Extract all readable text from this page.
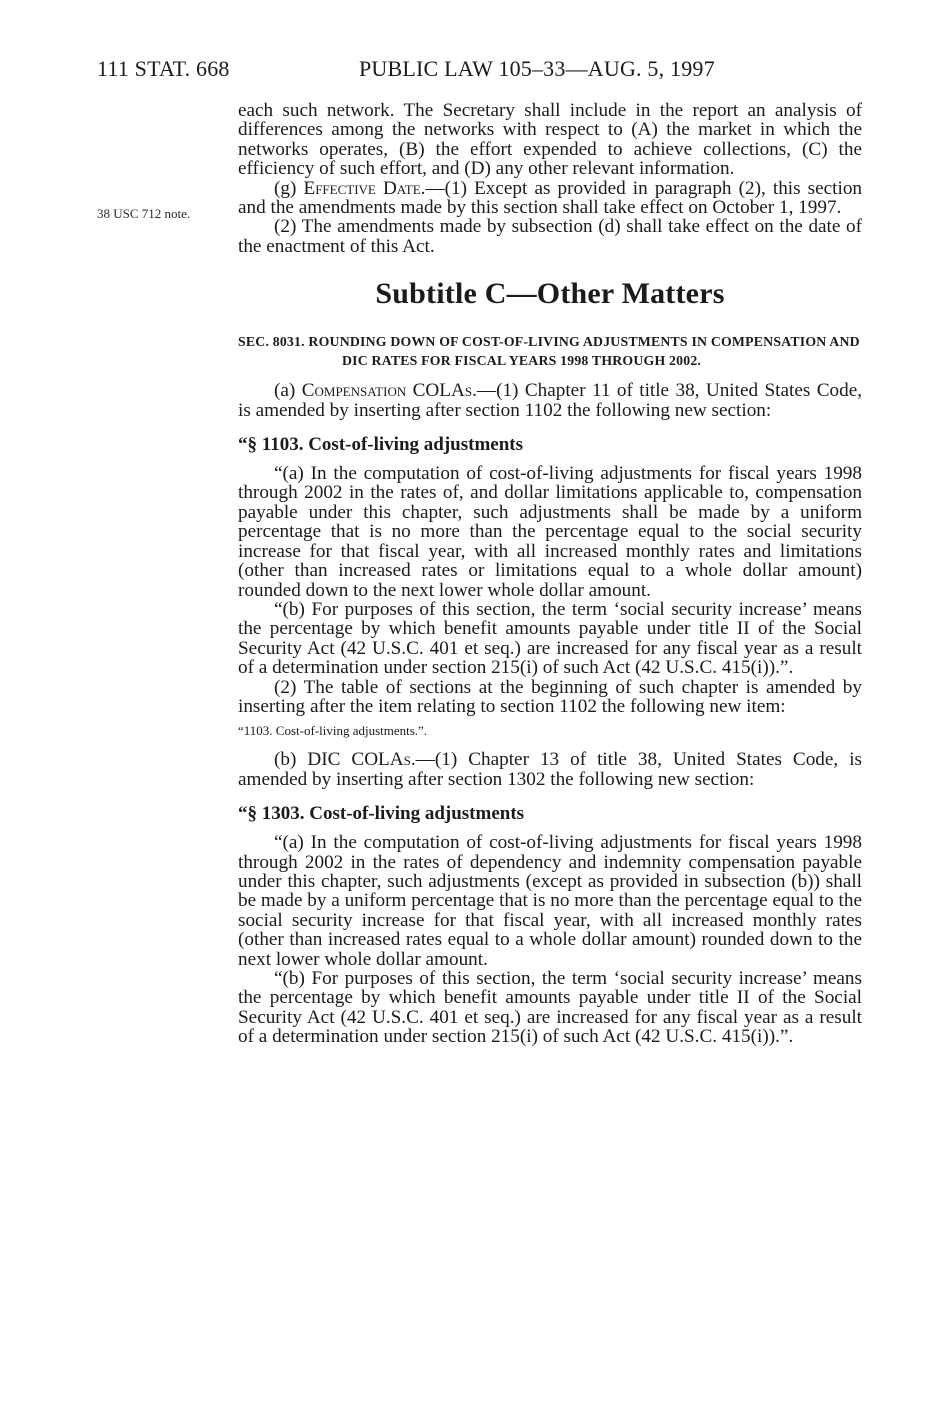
111 STAT. 668	PUBLIC LAW 105–33—AUG. 5, 1997
38 USC 712 note.

each such network. The Secretary shall include in the report an analysis of differences among the networks with respect to (A) the market in which the networks operates, (B) the effort expended to achieve collections, (C) the efficiency of such effort, and (D) any other relevant information.

(g) Effective Date.—(1) Except as provided in paragraph (2), this section and the amendments made by this section shall take effect on October 1, 1997.

(2) The amendments made by subsection (d) shall take effect on the date of the enactment of this Act.

Subtitle C—Other Matters
SEC. 8031. ROUNDING DOWN OF COST-OF-LIVING ADJUSTMENTS IN COMPENSATION AND DIC RATES FOR FISCAL YEARS 1998 THROUGH 2002.

(a) Compensation COLAs.—(1) Chapter 11 of title 38, United States Code, is amended by inserting after section 1102 the following new section:

“§ 1103. Cost-of-living adjustments

“(a) In the computation of cost-of-living adjustments for fiscal years 1998 through 2002 in the rates of, and dollar limitations applicable to, compensation payable under this chapter, such adjustments shall be made by a uniform percentage that is no more than the percentage equal to the social security increase for that fiscal year, with all increased monthly rates and limitations (other than increased rates or limitations equal to a whole dollar amount) rounded down to the next lower whole dollar amount.

“(b) For purposes of this section, the term ‘social security increase’ means the percentage by which benefit amounts payable under title II of the Social Security Act (42 U.S.C. 401 et seq.) are increased for any fiscal year as a result of a determination under section 215(i) of such Act (42 U.S.C. 415(i)).”.

(2) The table of sections at the beginning of such chapter is amended by inserting after the item relating to section 1102 the following new item:

“1103. Cost-of-living adjustments.”.

(b) DIC COLAs.—(1) Chapter 13 of title 38, United States Code, is amended by inserting after section 1302 the following new section:

“§ 1303. Cost-of-living adjustments

“(a) In the computation of cost-of-living adjustments for fiscal years 1998 through 2002 in the rates of dependency and indemnity compensation payable under this chapter, such adjustments (except as provided in subsection (b)) shall be made by a uniform percentage that is no more than the percentage equal to the social security increase for that fiscal year, with all increased monthly rates (other than increased rates equal to a whole dollar amount) rounded down to the next lower whole dollar amount.

“(b) For purposes of this section, the term ‘social security increase’ means the percentage by which benefit amounts payable under title II of the Social Security Act (42 U.S.C. 401 et seq.) are increased for any fiscal year as a result of a determination under section 215(i) of such Act (42 U.S.C. 415(i)).”.
